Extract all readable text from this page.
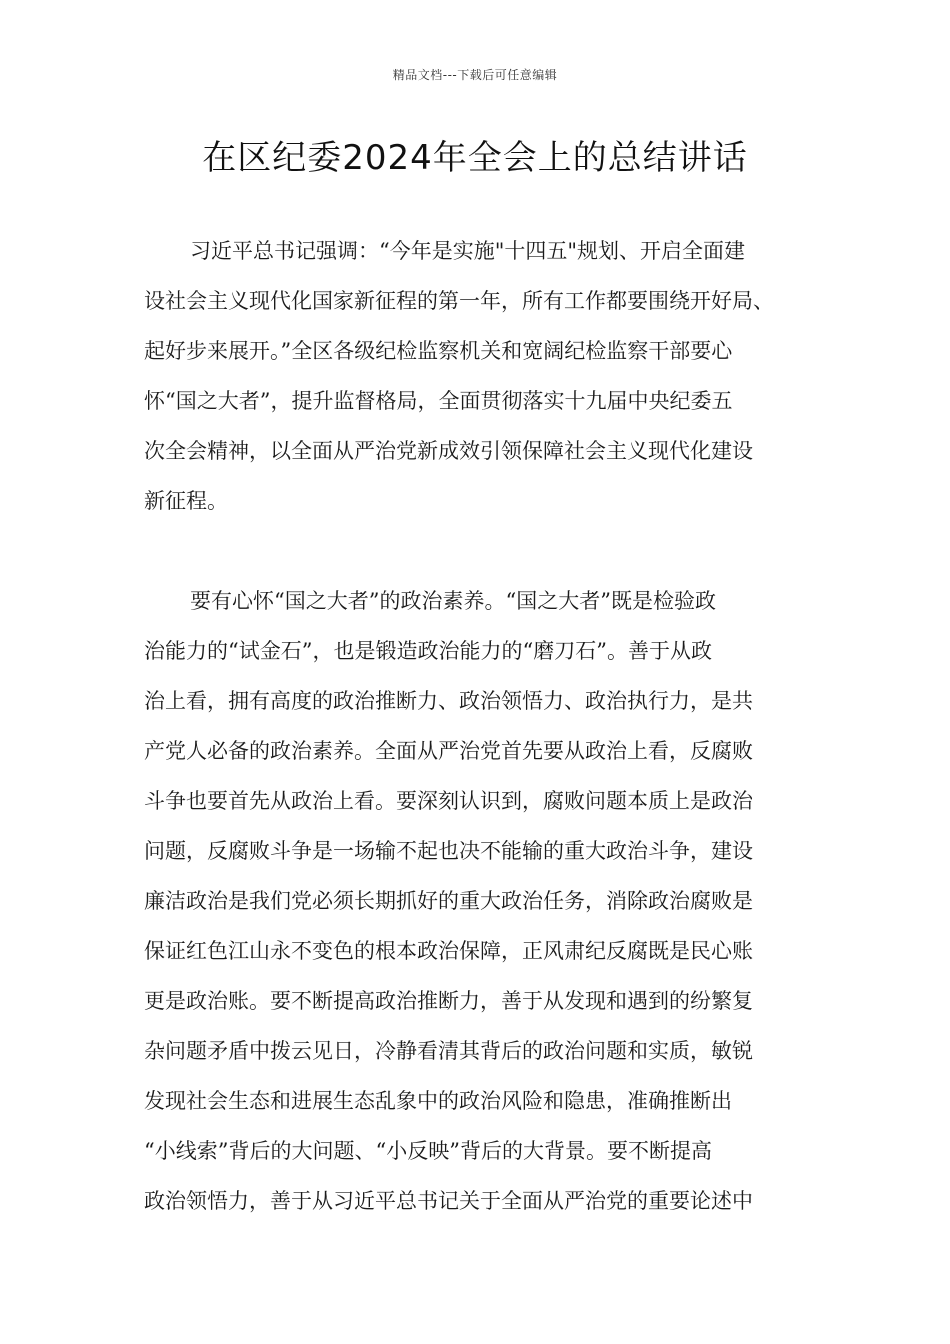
精品文档---下载后可任意编辑
在区纪委2024年全会上的总结讲话
习近平总书记强调：“今年是实施"十四五"规划、开启全面建
设社会主义现代化国家新征程的第一年，所有工作都要围绕开好局、
起好步来展开。”全区各级纪检监察机关和宽阔纪检监察干部要心
怀“国之大者”，提升监督格局，全面贯彻落实十九届中央纪委五
次全会精神，以全面从严治党新成效引领保障社会主义现代化建设
新征程。
要有心怀“国之大者”的政治素养。“国之大者”既是检验政
治能力的“试金石”，也是锻造政治能力的“磨刀石”。善于从政
治上看，拥有高度的政治推断力、政治领悟力、政治执行力，是共
产党人必备的政治素养。全面从严治党首先要从政治上看，反腐败
斗争也要首先从政治上看。要深刻认识到，腐败问题本质上是政治
问题，反腐败斗争是一场输不起也决不能输的重大政治斗争，建设
廉洁政治是我们党必须长期抓好的重大政治任务，消除政治腐败是
保证红色江山永不变色的根本政治保障，正风肃纪反腐既是民心账
更是政治账。要不断提高政治推断力，善于从发现和遇到的纷繁复
杂问题矛盾中拨云见日，冷静看清其背后的政治问题和实质，敏锐
发现社会生态和进展生态乱象中的政治风险和隐患，准确推断出
“小线索”背后的大问题、“小反映”背后的大背景。要不断提高
政治领悟力，善于从习近平总书记关于全面从严治党的重要论述中
